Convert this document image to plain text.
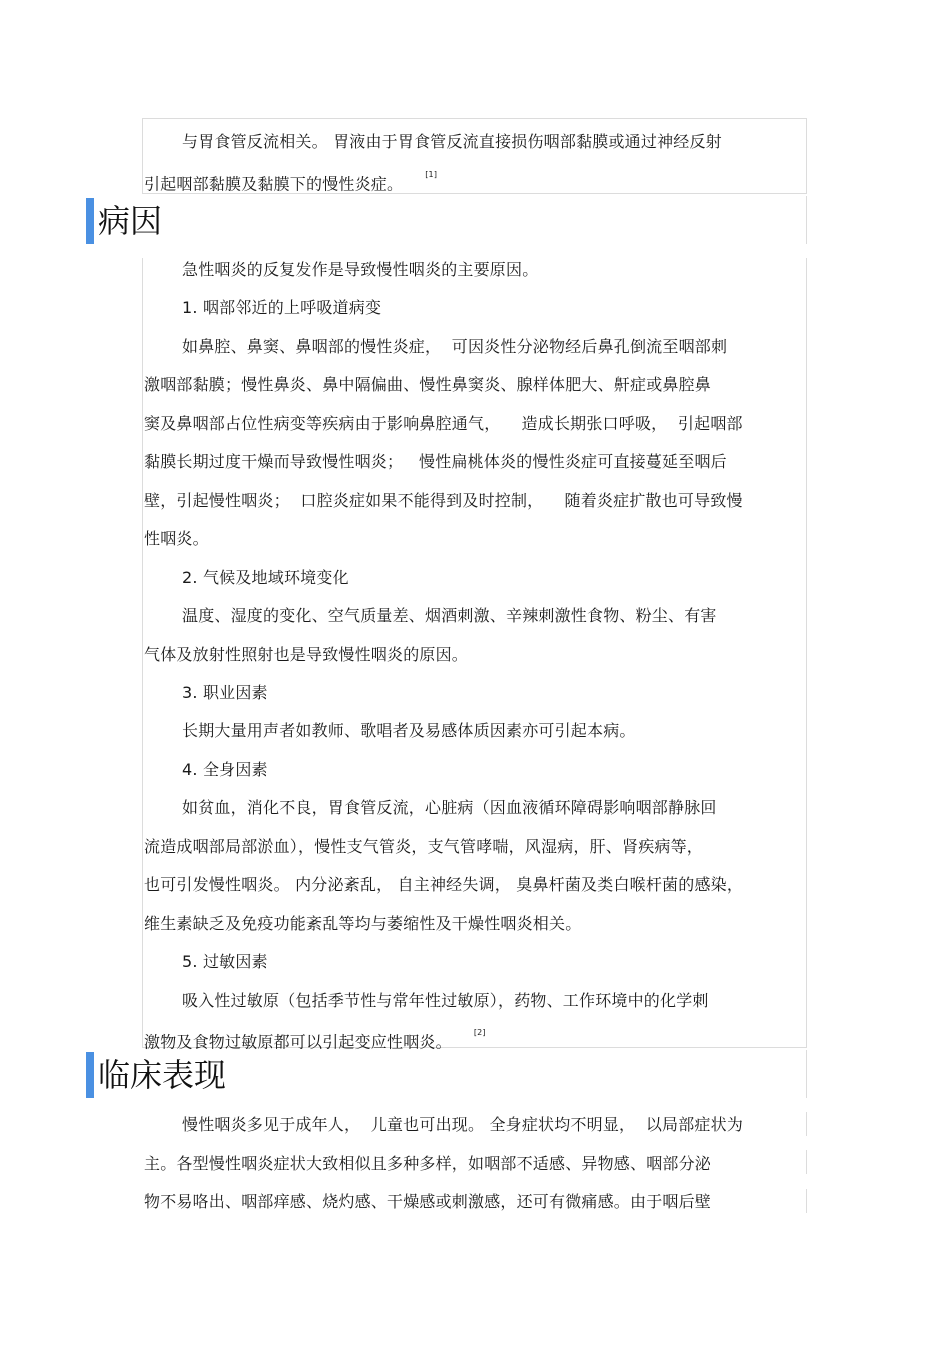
与胃食管反流相关。 胃液由于胃食管反流直接损伤咽部黏膜或通过神经反射
引起咽部黏膜及黏膜下的慢性炎症。	[1]
病因
急性咽炎的反复发作是导致慢性咽炎的主要原因。
1. 咽部邻近的上呼吸道病变
如鼻腔、鼻窦、鼻咽部的慢性炎症，  可因炎性分泌物经后鼻孔倒流至咽部刺
激咽部黏膜；慢性鼻炎、鼻中隔偏曲、慢性鼻窦炎、腺样体肥大、鼾症或鼻腔鼻
窦及鼻咽部占位性病变等疾病由于影响鼻腔通气，    造成长期张口呼吸，  引起咽部
黏膜长期过度干燥而导致慢性咽炎；   慢性扁桃体炎的慢性炎症可直接蔓延至咽后
壁，引起慢性咽炎；  口腔炎症如果不能得到及时控制，    随着炎症扩散也可导致慢
性咽炎。
2. 气候及地域环境变化
温度、湿度的变化、空气质量差、烟酒刺激、辛辣刺激性食物、粉尘、有害
气体及放射性照射也是导致慢性咽炎的原因。
3. 职业因素
长期大量用声者如教师、歌唱者及易感体质因素亦可引起本病。
4. 全身因素
如贫血，消化不良，胃食管反流，心脏病（因血液循环障碍影响咽部静脉回
流造成咽部局部淤血），慢性支气管炎，支气管哮喘，风湿病，肝、肾疾病等，
也可引发慢性咽炎。 内分泌紊乱， 自主神经失调， 臭鼻杆菌及类白喉杆菌的感染，
维生素缺乏及免疫功能紊乱等均与萎缩性及干燥性咽炎相关。
5. 过敏因素
吸入性过敏原（包括季节性与常年性过敏原），药物、工作环境中的化学刺
激物及食物过敏原都可以引起变应性咽炎。	[2]
临床表现
慢性咽炎多见于成年人，  儿童也可出现。 全身症状均不明显，  以局部症状为
主。各型慢性咽炎症状大致相似且多种多样，如咽部不适感、异物感、咽部分泌
物不易咯出、咽部痒感、烧灼感、干燥感或刺激感，还可有微痛感。由于咽后壁
